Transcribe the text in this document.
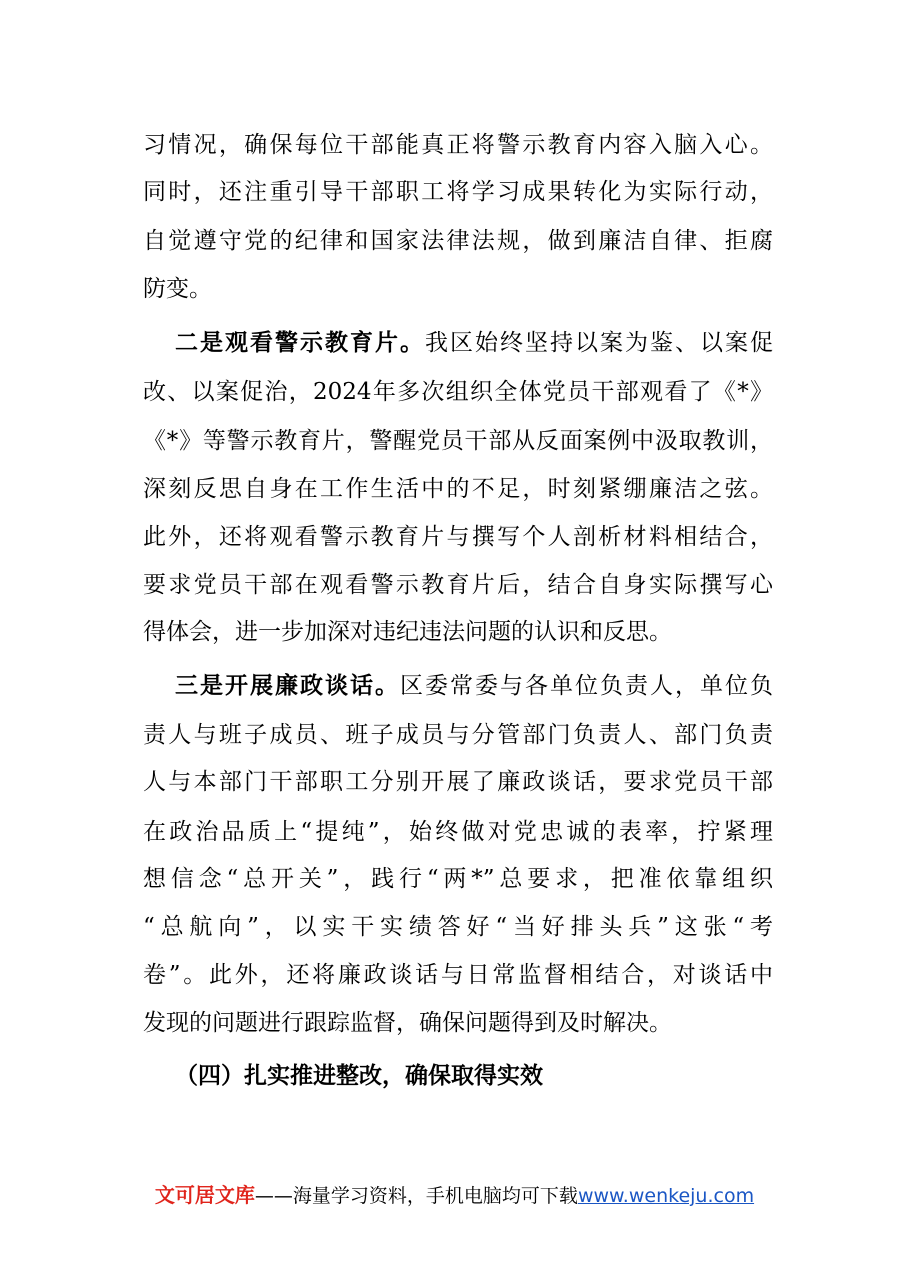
习情况，确保每位干部能真正将警示教育内容入脑入心。
同时，还注重引导干部职工将学习成果转化为实际行动，
自觉遵守党的纪律和国家法律法规，做到廉洁自律、拒腐
防变。
二是观看警示教育片。我区始终坚持以案为鉴、以案促
改、以案促治，2024年多次组织全体党员干部观看了《*》
《*》等警示教育片，警醒党员干部从反面案例中汲取教训，
深刻反思自身在工作生活中的不足，时刻紧绷廉洁之弦。
此外，还将观看警示教育片与撰写个人剖析材料相结合，
要求党员干部在观看警示教育片后，结合自身实际撰写心
得体会，进一步加深对违纪违法问题的认识和反思。
三是开展廉政谈话。区委常委与各单位负责人，单位负
责人与班子成员、班子成员与分管部门负责人、部门负责
人与本部门干部职工分别开展了廉政谈话，要求党员干部
在政治品质上“提纯”，始终做对党忠诚的表率，拧紧理
想信念“总开关”，践行“两*”总要求，把准依靠组织
“总航向”，以实干实绩答好“当好排头兵”这张“考
卷”。此外，还将廉政谈话与日常监督相结合，对谈话中
发现的问题进行跟踪监督，确保问题得到及时解决。
（四）扎实推进整改，确保取得实效
文可居文库——海量学习资料，手机电脑均可下载www.wenkeju.com
